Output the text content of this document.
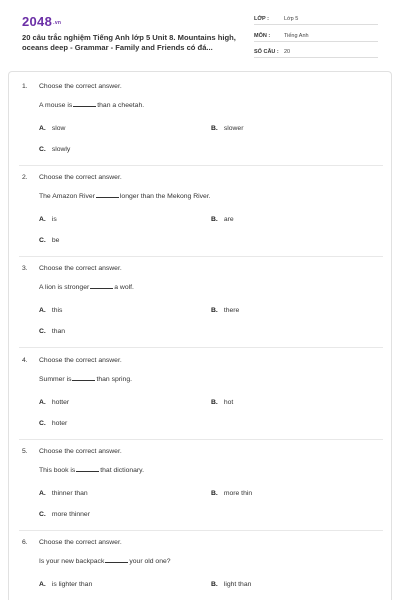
2048.vn
20 câu trắc nghiệm Tiếng Anh lớp 5 Unit 8. Mountains high, oceans deep - Grammar - Family and Friends có đá...
LỚP :	Lớp 5
MÔN :	Tiếng Anh
SỐ CÂU : 20
1. Choose the correct answer.
A mouse is	than a cheetah.
A. slow	B. slower
C. slowly
2. Choose the correct answer.
The Amazon River	longer than the Mekong River.
A. is	B. are
C. be
3. Choose the correct answer.
A lion is stronger	a wolf.
A. this	B. there
C. than
4. Choose the correct answer.
Summer is	than spring.
A. hotter	B. hot
C. hoter
5. Choose the correct answer.
This book is	that dictionary.
A. thinner than	B. more thin
C. more thinner
6. Choose the correct answer.
Is your new backpack	your old one?
A. is lighter than	B. light than
